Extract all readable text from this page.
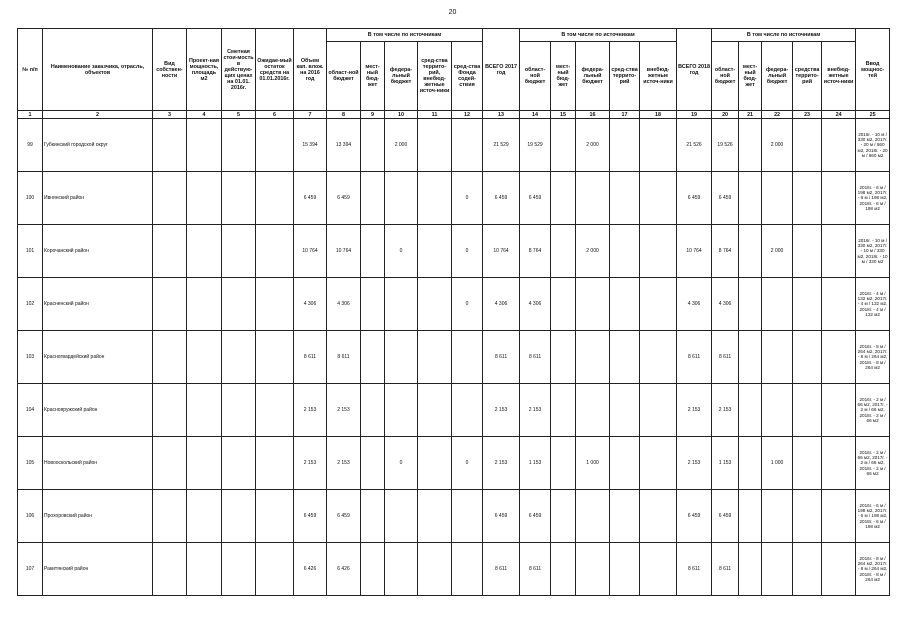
20
№ п/п	Наименование заказчика, отрасль, объектов	Вид собствен-ности	Проект-ная мощность, площадь м2	Сметная стои-мость в действую-щих ценах на 01.01. 2016г.	Ожидае-мый остаток средств на 01.01.2016г.	Объем кап. влож. на 2016 год	В том числе по источникам					ВСЕГО 2017 год	В том числе по источникам					ВСЕГО 2018 год	В том числе по источникам					Ввод мощнос-тей
							област-ной бюджет	мест-ный бюд-жет	федера-льный бюджет	сред-ства террито-рий, внебюд-жетные источ-ники	сред-ства Фонда содей-ствия		област-ной бюджет	мест-ный бюд-жет	федера-льный бюджет	сред-ства террито-рий	внебюд-жетные источ-ники		област-ной бюджет	мест-ный бюд-жет	федера-льный бюджет	средства террито-рий	внебюд-жетные источ-ники	
1	2	3	4	5	6	7	8	9	10	11	12	13	14	15	16	17	18	19	20	21	22	23	24	25
99	Губкинский городской округ					15 394	13 394		2 000			21 529	19 529		2 000			21 526	19 526		2 000			2016г. - 10 м / 330 м2, 2017г. - 20 м / 660 м2, 2018г. - 20 м / 660 м2
100	Ивнянский район					6 459	6 459				0	6 459	6 459					6 459	6 459					2016г. - 6 м / 198 м2, 2017г. - 6 м / 198 м2, 2018г. - 6 м / 198 м2
101	Корочанский район					10 764	10 764		0		0	10 764	8 764		2 000			10 764	8 764		2 000			2016г. - 10 м / 330 м2, 2017г. - 10 м / 330 м2, 2018г. - 10 м / 330 м2
102	Красненский район					4 306	4 306				0	4 306	4 306					4 306	4 306					2016г. - 4 м / 132 м2, 2017г. - 4 м / 132 м2, 2018г. - 4 м / 132 м2
103	Красногвардейский район					8 611	8 611					8 611	8 611					8 611	8 611					2016г. - 8 м / 264 м2, 2017г. - 8 м / 264 м2, 2018г. - 8 м / 264 м2
104	Краснояружский район					2 153	2 153					2 153	2 153					2 153	2 153					2016г. - 2 м / 66 м2, 2017г. - 2 м / 66 м2, 2018г. - 2 м / 66 м2
105	Новооскольский район					2 153	2 153		0		0	2 153	1 153		1 000			2 153	1 153		1 000			2016г. - 2 м / 66 м2, 2017г. - 2 м / 66 м2, 2018г. - 2 м / 66 м2
106	Прохоровский район					6 459	6 459					6 459	6 459					6 459	6 459					2016г. - 6 м / 198 м2, 2017г. - 6 м / 198 м2, 2018г. - 6 м / 198 м2
107	Ракитянский район					6 426	6 426					8 611	8 611					8 611	8 611					2016г. - 8 м / 264 м2, 2017г. - 8 м / 264 м2, 2018г. - 8 м / 264 м2
